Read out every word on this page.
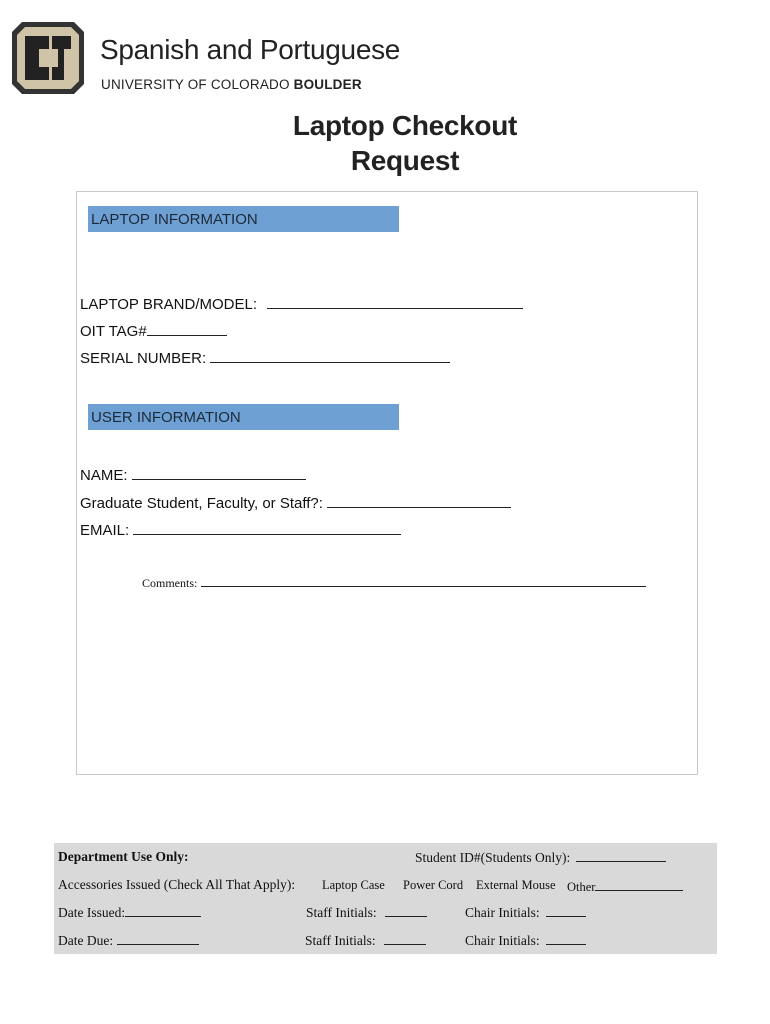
Spanish and Portuguese
UNIVERSITY OF COLORADO BOULDER
Laptop Checkout
Request
LAPTOP INFORMATION
LAPTOP BRAND/MODEL:
OIT TAG#
SERIAL NUMBER:
USER INFORMATION
NAME:
Graduate Student, Faculty, or Staff?:
EMAIL:
Comments:
Department Use Only:	Student ID#(Students Only):
Accessories Issued (Check All That Apply): Laptop Case Power Cord External Mouse Other
Date Issued:	Staff Initials:	Chair Initials:
Date Due:	Staff Initials:	Chair Initials:
